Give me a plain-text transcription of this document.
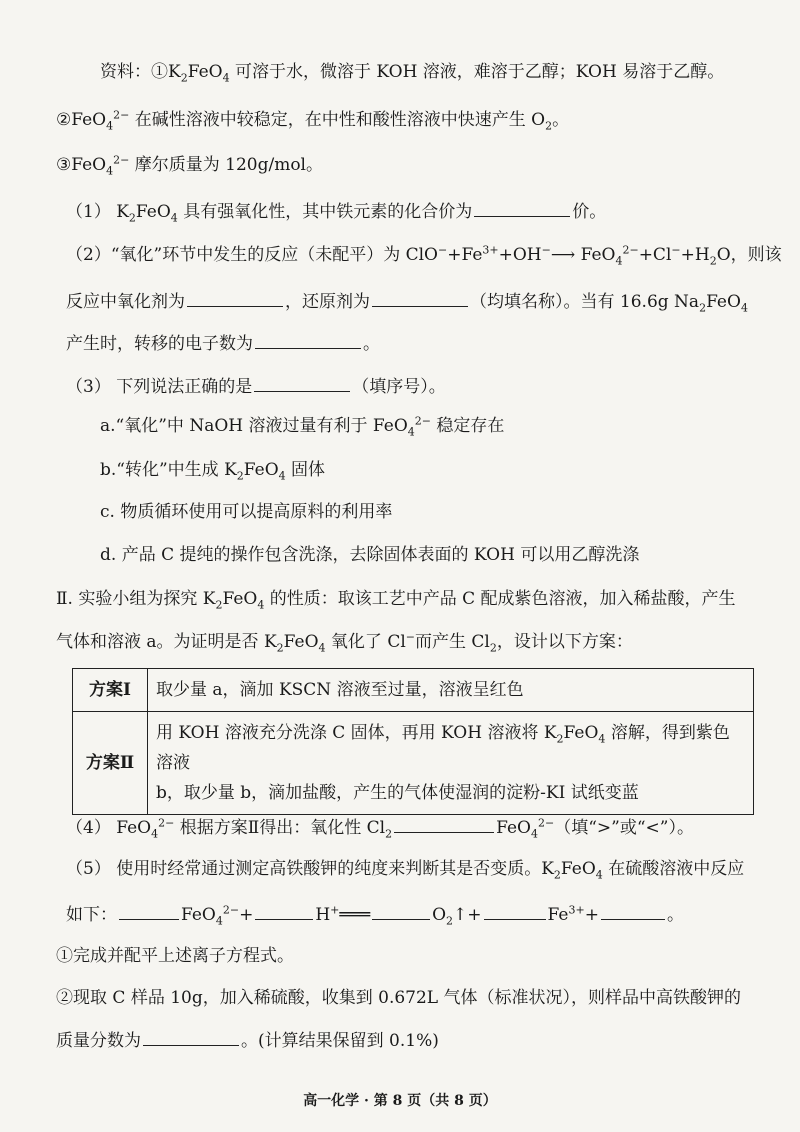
资料：$①K_2FeO_4$ 可溶于水，微溶于 KOH 溶液，难溶于乙醇；KOH 易溶于乙醇。
②FeO$_4^{2-}$ 在碱性溶液中较稳定，在中性和酸性溶液中快速产生 $O_2$。
③FeO$_4^{2-}$ 摩尔质量为 120g/mol。
（1） $K_2FeO_4$ 具有强氧化性，其中铁元素的化合价为	价。
（2）“氧化”环节中发生的反应（未配平）为 $ClO^-+Fe^{3+}+OH^-⟶$ $FeO_4^{2-}+Cl^-+H_2O$，则该
反应中氧化剂为	，还原剂为	（均填名称）。当有 16.6g $Na_2FeO_4$
产生时，转移的电子数为	。
（3） 下列说法正确的是	（填序号）。
a.“氧化”中 NaOH 溶液过量有利于 FeO$_4^{2-}$ 稳定存在
b.“转化”中生成 $K_2FeO_4$ 固体
c. 物质循环使用可以提高原料的利用率
d. 产品 C 提纯的操作包含洗涤，去除固体表面的 KOH 可以用乙醇洗涤
Ⅱ. 实验小组为探究 $K_2FeO_4$ 的性质：取该工艺中产品 C 配成紫色溶液，加入稀盐酸，产生
气体和溶液 a。为证明是否 $K_2FeO_4$ 氧化了 Cl−而产生 $Cl_2$，设计以下方案：
方案Ⅰ	取少量 a，滴加 KSCN 溶液至过量，溶液呈红色
方案Ⅱ	用 KOH 溶液充分洗涤 C 固体，再用 KOH 溶液将 $K_2FeO_4$ 溶解，得到紫色溶液
b，取少量 b，滴加盐酸，产生的气体使湿润的淀粉-KI 试纸变蓝
（4） FeO$_4^{2-}$ 根据方案Ⅱ得出：氧化性 $Cl_2$	FeO$_4^{2-}$（填“>”或“<”）。
（5） 使用时经常通过测定高铁酸钾的纯度来判断其是否变质。$K_2FeO_4$ 在硫酸溶液中反应
如下：	FeO$_4^{2-}$+	H+═══	$O_2↑+$	$Fe^{3+}+$	。
①完成并配平上述离子方程式。
②现取 C 样品 10g，加入稀硫酸，收集到 0.672L 气体（标准状况），则样品中高铁酸钾的
质量分数为	。(计算结果保留到 0.1%)
高一化学 · 第 8 页（共 8 页）
